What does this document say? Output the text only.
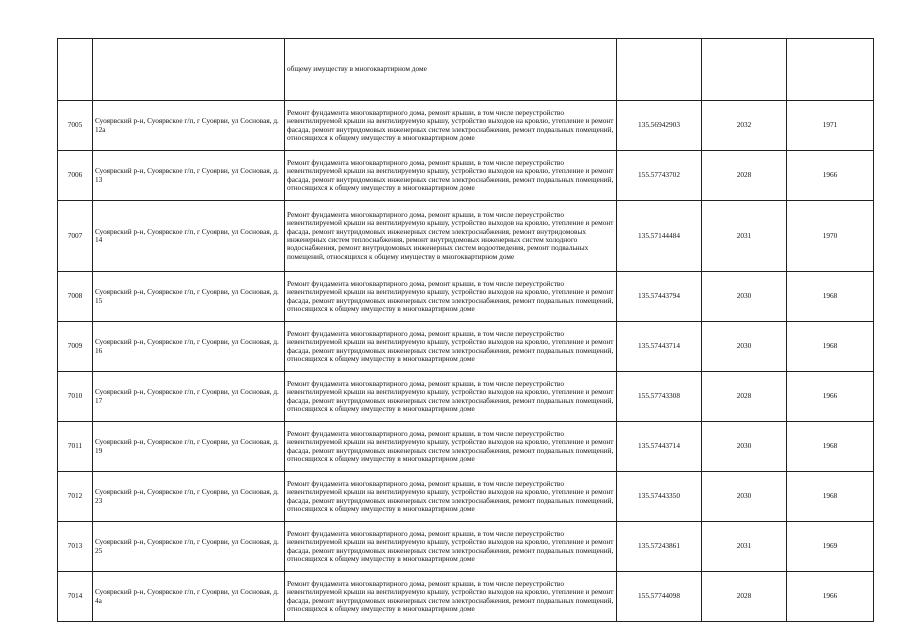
		общему имуществу в многоквартирном доме			
7005	Суоярвский р-н, Суоярвское г/п, г Суоярви, ул Сосновая, д. 12а	Ремонт фундамента многоквартирного дома, ремонт крыши, в том числе переустройство невентилируемой крыши на вентилируемую крышу, устройство выходов на кровлю, утепление и ремонт фасада, ремонт внутридомовых инженерных систем электроснабжения, ремонт подвальных помещений, относящихся к общему имуществу в многоквартирном доме	135.56942903	2032	1971
7006	Суоярвский р-н, Суоярвское г/п, г Суоярви, ул Сосновая, д. 13	Ремонт фундамента многоквартирного дома, ремонт крыши, в том числе переустройство невентилируемой крыши на вентилируемую крышу, устройство выходов на кровлю, утепление и ремонт фасада, ремонт внутридомовых инженерных систем электроснабжения, ремонт подвальных помещений, относящихся к общему имуществу в многоквартирном доме	155.57743702	2028	1966
7007	Суоярвский р-н, Суоярвское г/п, г Суоярви, ул Сосновая, д. 14	Ремонт фундамента многоквартирного дома, ремонт крыши, в том числе переустройство невентилируемой крыши на вентилируемую крышу, устройство выходов на кровлю, утепление и ремонт фасада, ремонт внутридомовых инженерных систем электроснабжения, ремонт внутридомовых инженерных систем теплоснабжения, ремонт внутридомовых инженерных систем холодного водоснабжения, ремонт внутридомовых инженерных систем водоотведения, ремонт подвальных помещений, относящихся к общему имуществу в многоквартирном доме	135.57144484	2031	1970
7008	Суоярвский р-н, Суоярвское г/п, г Суоярви, ул Сосновая, д. 15	Ремонт фундамента многоквартирного дома, ремонт крыши, в том числе переустройство невентилируемой крыши на вентилируемую крышу, устройство выходов на кровлю, утепление и ремонт фасада, ремонт внутридомовых инженерных систем электроснабжения, ремонт подвальных помещений, относящихся к общему имуществу в многоквартирном доме	135.57443794	2030	1968
7009	Суоярвский р-н, Суоярвское г/п, г Суоярви, ул Сосновая, д. 16	Ремонт фундамента многоквартирного дома, ремонт крыши, в том числе переустройство невентилируемой крыши на вентилируемую крышу, устройство выходов на кровлю, утепление и ремонт фасада, ремонт внутридомовых инженерных систем электроснабжения, ремонт подвальных помещений, относящихся к общему имуществу в многоквартирном доме	135.57443714	2030	1968
7010	Суоярвский р-н, Суоярвское г/п, г Суоярви, ул Сосновая, д. 17	Ремонт фундамента многоквартирного дома, ремонт крыши, в том числе переустройство невентилируемой крыши на вентилируемую крышу, устройство выходов на кровлю, утепление и ремонт фасада, ремонт внутридомовых инженерных систем электроснабжения, ремонт подвальных помещений, относящихся к общему имуществу в многоквартирном доме	155.57743308	2028	1966
7011	Суоярвский р-н, Суоярвское г/п, г Суоярви, ул Сосновая, д. 19	Ремонт фундамента многоквартирного дома, ремонт крыши, в том числе переустройство невентилируемой крыши на вентилируемую крышу, устройство выходов на кровлю, утепление и ремонт фасада, ремонт внутридомовых инженерных систем электроснабжения, ремонт подвальных помещений, относящихся к общему имуществу в многоквартирном доме	135.57443714	2030	1968
7012	Суоярвский р-н, Суоярвское г/п, г Суоярви, ул Сосновая, д. 23	Ремонт фундамента многоквартирного дома, ремонт крыши, в том числе переустройство невентилируемой крыши на вентилируемую крышу, устройство выходов на кровлю, утепление и ремонт фасада, ремонт внутридомовых инженерных систем электроснабжения, ремонт подвальных помещений, относящихся к общему имуществу в многоквартирном доме	135.57443350	2030	1968
7013	Суоярвский р-н, Суоярвское г/п, г Суоярви, ул Сосновая, д. 25	Ремонт фундамента многоквартирного дома, ремонт крыши, в том числе переустройство невентилируемой крыши на вентилируемую крышу, устройство выходов на кровлю, утепление и ремонт фасада, ремонт внутридомовых инженерных систем электроснабжения, ремонт подвальных помещений, относящихся к общему имуществу в многоквартирном доме	135.57243861	2031	1969
7014	Суоярвский р-н, Суоярвское г/п, г Суоярви, ул Сосновая, д. 4а	Ремонт фундамента многоквартирного дома, ремонт крыши, в том числе переустройство невентилируемой крыши на вентилируемую крышу, устройство выходов на кровлю, утепление и ремонт фасада, ремонт внутридомовых инженерных систем электроснабжения, ремонт подвальных помещений, относящихся к общему имуществу в многоквартирном доме	155.57744098	2028	1966
